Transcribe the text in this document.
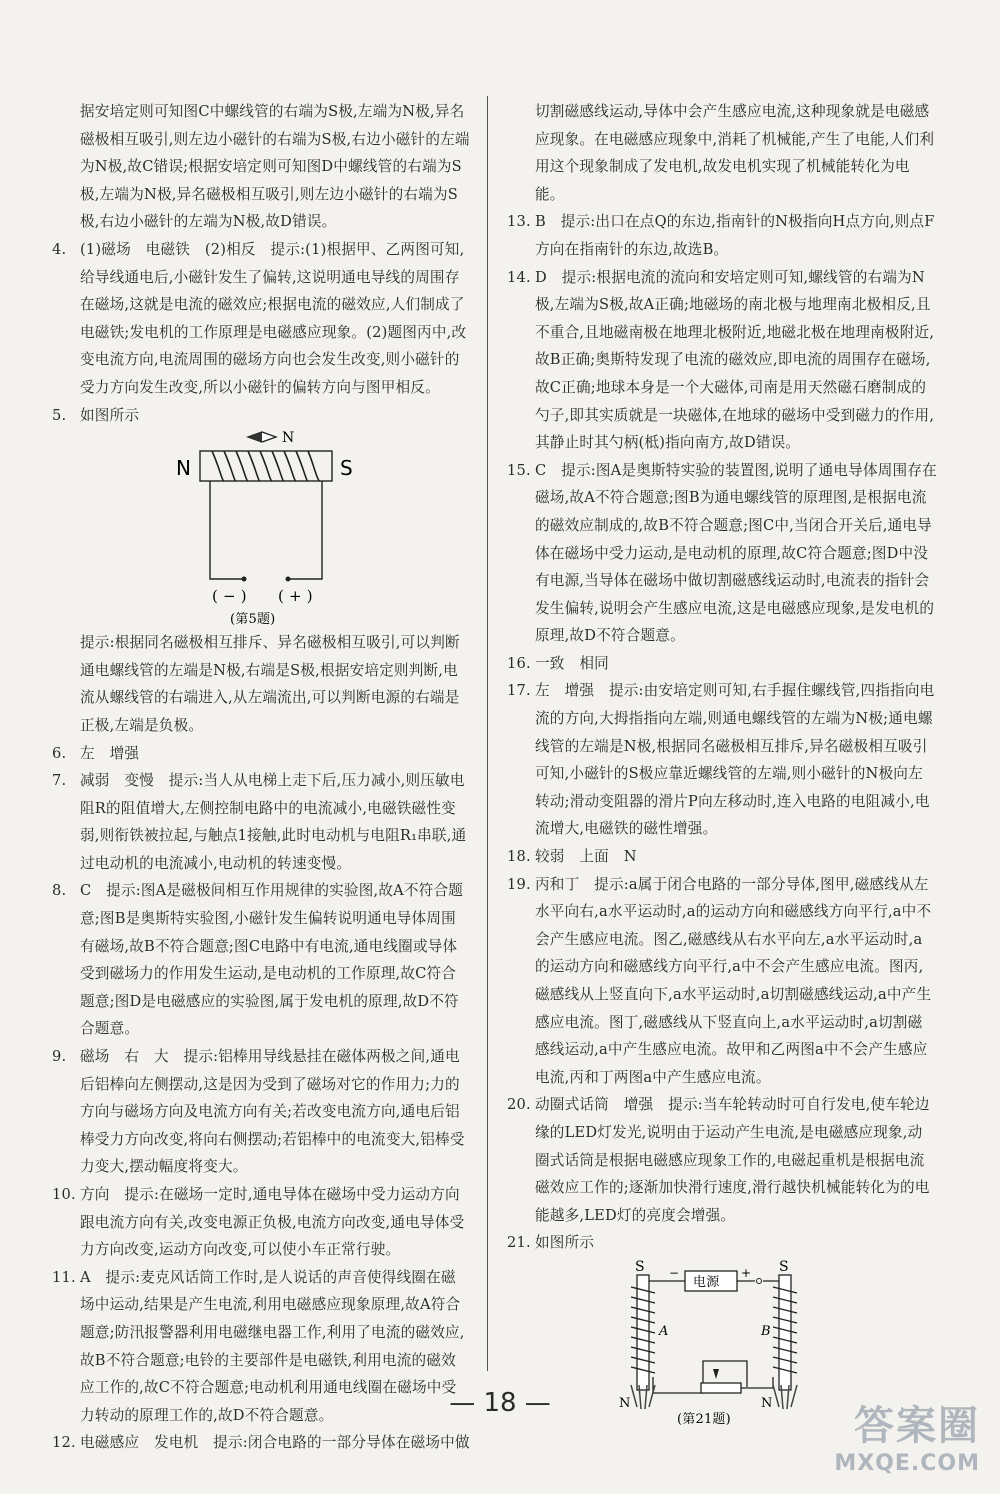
据安培定则可知图C中螺线管的右端为S极,左端为N极,异名磁极相互吸引,则左边小磁针的右端为S极,右边小磁针的左端为N极,故C错误;根据安培定则可知图D中螺线管的右端为S极,左端为N极,异名磁极相互吸引,则左边小磁针的右端为S极,右边小磁针的左端为N极,故D错误。

4. (1)磁场　电磁铁　(2)相反　提示:(1)根据甲、乙两图可知,给导线通电后,小磁针发生了偏转,这说明通电导线的周围存在磁场,这就是电流的磁效应;根据电流的磁效应,人们制成了电磁铁;发电机的工作原理是电磁感应现象。(2)题图丙中,改变电流方向,电流周围的磁场方向也会发生改变,则小磁针的受力方向发生改变,所以小磁针的偏转方向与图甲相反。
5. 如图所示
N
N	S
( − ) ( + )
(第5题)

提示:根据同名磁极相互排斥、异名磁极相互吸引,可以判断通电螺线管的左端是N极,右端是S极,根据安培定则判断,电流从螺线管的右端进入,从左端流出,可以判断电源的右端是正极,左端是负极。

6. 左　增强
7. 减弱　变慢　提示:当人从电梯上走下后,压力减小,则压敏电阻R的阻值增大,左侧控制电路中的电流减小,电磁铁磁性变弱,则衔铁被拉起,与触点1接触,此时电动机与电阻R₁串联,通过电动机的电流减小,电动机的转速变慢。
8. C　提示:图A是磁极间相互作用规律的实验图,故A不符合题意;图B是奥斯特实验图,小磁针发生偏转说明通电导体周围有磁场,故B不符合题意;图C电路中有电流,通电线圈或导体受到磁场力的作用发生运动,是电动机的工作原理,故C符合题意;图D是电磁感应的实验图,属于发电机的原理,故D不符合题意。
9. 磁场　右　大　提示:铝棒用导线悬挂在磁体两极之间,通电后铝棒向左侧摆动,这是因为受到了磁场对它的作用力;力的方向与磁场方向及电流方向有关;若改变电流方向,通电后铝棒受力方向改变,将向右侧摆动;若铝棒中的电流变大,铝棒受力变大,摆动幅度将变大。
10. 方向　提示:在磁场一定时,通电导体在磁场中受力运动方向跟电流方向有关,改变电源正负极,电流方向改变,通电导体受力方向改变,运动方向改变,可以使小车正常行驶。
11. A　提示:麦克风话筒工作时,是人说话的声音使得线圈在磁场中运动,结果是产生电流,利用电磁感应现象原理,故A符合题意;防汛报警器利用电磁继电器工作,利用了电流的磁效应,故B不符合题意;电铃的主要部件是电磁铁,利用电流的磁效应工作的,故C不符合题意;电动机利用通电线圈在磁场中受力转动的原理工作的,故D不符合题意。
12. 电磁感应　发电机　提示:闭合电路的一部分导体在磁场中做

切割磁感线运动,导体中会产生感应电流,这种现象就是电磁感应现象。在电磁感应现象中,消耗了机械能,产生了电能,人们利用这个现象制成了发电机,故发电机实现了机械能转化为电能。

13. B　提示:出口在点Q的东边,指南针的N极指向H点方向,则点F方向在指南针的东边,故选B。
14. D　提示:根据电流的流向和安培定则可知,螺线管的右端为N极,左端为S极,故A正确;地磁场的南北极与地理南北极相反,且不重合,且地磁南极在地理北极附近,地磁北极在地理南极附近,故B正确;奥斯特发现了电流的磁效应,即电流的周围存在磁场,故C正确;地球本身是一个大磁体,司南是用天然磁石磨制成的勺子,即其实质就是一块磁体,在地球的磁场中受到磁力的作用,其静止时其勺柄(柢)指向南方,故D错误。
15. C　提示:图A是奥斯特实验的装置图,说明了通电导体周围存在磁场,故A不符合题意;图B为通电螺线管的原理图,是根据电流的磁效应制成的,故B不符合题意;图C中,当闭合开关后,通电导体在磁场中受力运动,是电动机的原理,故C符合题意;图D中没有电源,当导体在磁场中做切割磁感线运动时,电流表的指针会发生偏转,说明会产生感应电流,这是电磁感应现象,是发电机的原理,故D不符合题意。
16. 一致　相同
17. 左　增强　提示:由安培定则可知,右手握住螺线管,四指指向电流的方向,大拇指指向左端,则通电螺线管的左端为N极;通电螺线管的左端是N极,根据同名磁极相互排斥,异名磁极相互吸引可知,小磁针的S极应靠近螺线管的左端,则小磁针的N极向左转动;滑动变阻器的滑片P向左移动时,连入电路的电阻减小,电流增大,电磁铁的磁性增强。
18. 较弱　上面　N
19. 丙和丁　提示:a属于闭合电路的一部分导体,图甲,磁感线从左水平向右,a水平运动时,a的运动方向和磁感线方向平行,a中不会产生感应电流。图乙,磁感线从右水平向左,a水平运动时,a的运动方向和磁感线方向平行,a中不会产生感应电流。图丙,磁感线从上竖直向下,a水平运动时,a切割磁感线运动,a中产生感应电流。图丁,磁感线从下竖直向上,a水平运动时,a切割磁感线运动,a中产生感应电流。故甲和乙两图a中不会产生感应电流,丙和丁两图a中产生感应电流。
20. 动圈式话筒　增强　提示:当车轮转动时可自行发电,使车轮边缘的LED灯发光,说明由于运动产生电流,是电磁感应现象,动圈式话筒是根据电磁感应现象工作的,电磁起重机是根据电流磁效应工作的;逐渐加快滑行速度,滑行越快机械能转化为的电能越多,LED灯的亮度会增强。
21. 如图所示
S	S
电源
−	+
A	B
N	N
(第21题)
— 18 —	答案圈
MXQE.COM
